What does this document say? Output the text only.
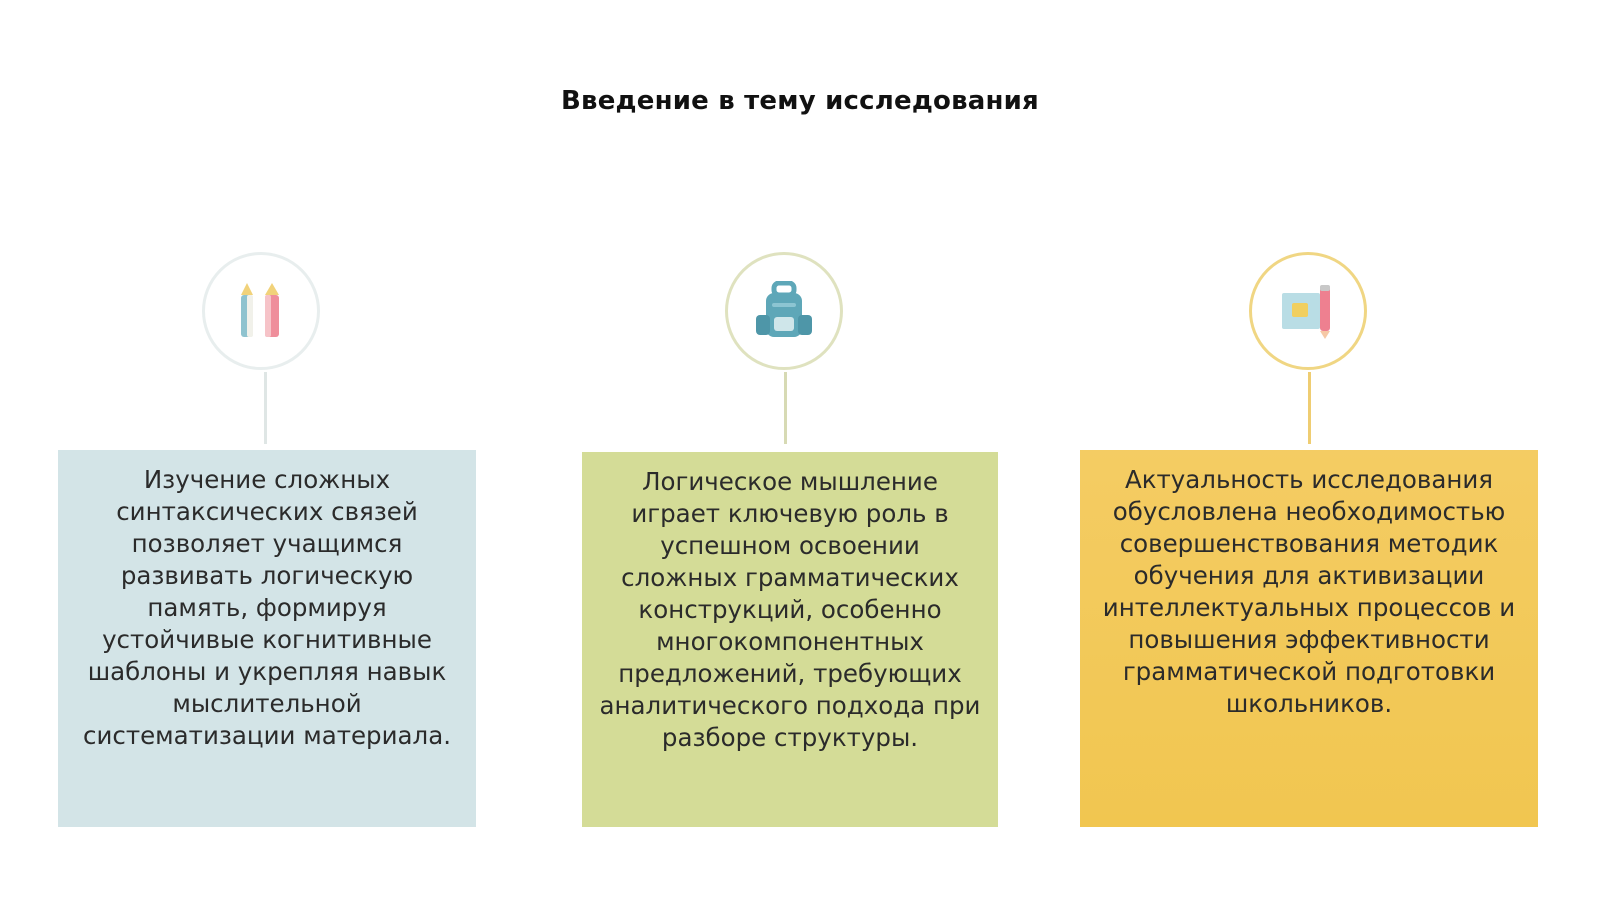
Введение в тему исследования
Изучение сложных
синтаксических связей
позволяет учащимся
развивать логическую
память, формируя
устойчивые когнитивные
шаблоны и укрепляя навык
мыслительной
систематизации материала.
Логическое мышление
играет ключевую роль в
успешном освоении
сложных грамматических
конструкций, особенно
многокомпонентных
предложений, требующих
аналитического подхода при
разборе структуры.
Актуальность исследования
обусловлена необходимостью
совершенствования методик
обучения для активизации
интеллектуальных процессов и
повышения эффективности
грамматической подготовки
школьников.
